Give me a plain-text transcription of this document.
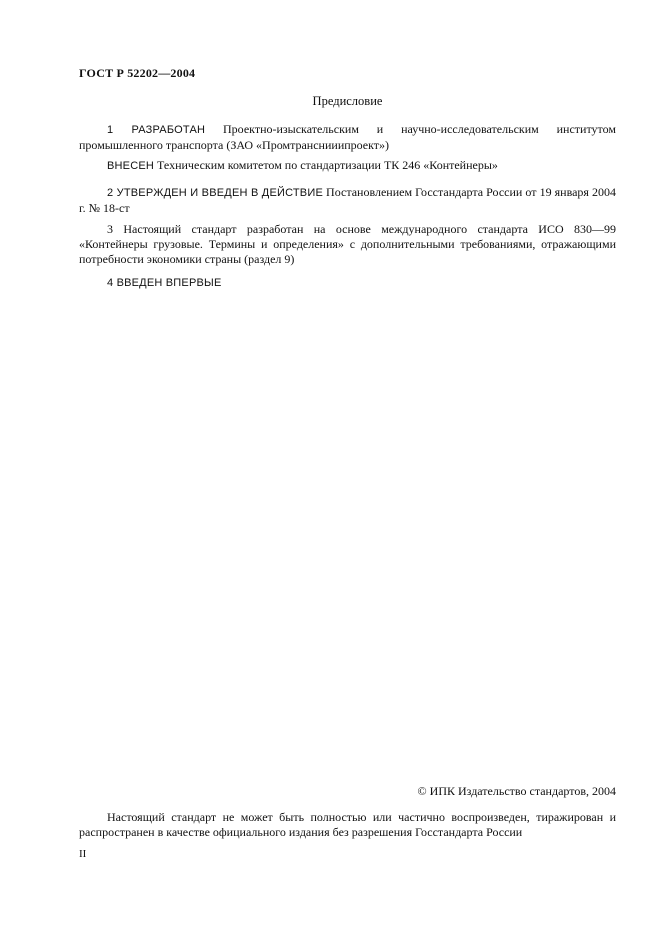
ГОСТ Р 52202—2004
Предисловие
1 РАЗРАБОТАН Проектно-изыскательским и научно-исследовательским институтом промышленного транспорта (ЗАО «Промтранснииипроект»)
ВНЕСЕН Техническим комитетом по стандартизации ТК 246 «Контейнеры»
2 УТВЕРЖДЕН И ВВЕДЕН В ДЕЙСТВИЕ Постановлением Госстандарта России от 19 января 2004 г. № 18-ст
3 Настоящий стандарт разработан на основе международного стандарта ИСО 830—99 «Контейнеры грузовые. Термины и определения» с дополнительными требованиями, отражающими потребности экономики страны (раздел 9)
4 ВВЕДЕН ВПЕРВЫЕ
© ИПК Издательство стандартов, 2004
Настоящий стандарт не может быть полностью или частично воспроизведен, тиражирован и распространен в качестве официального издания без разрешения Госстандарта России
II
